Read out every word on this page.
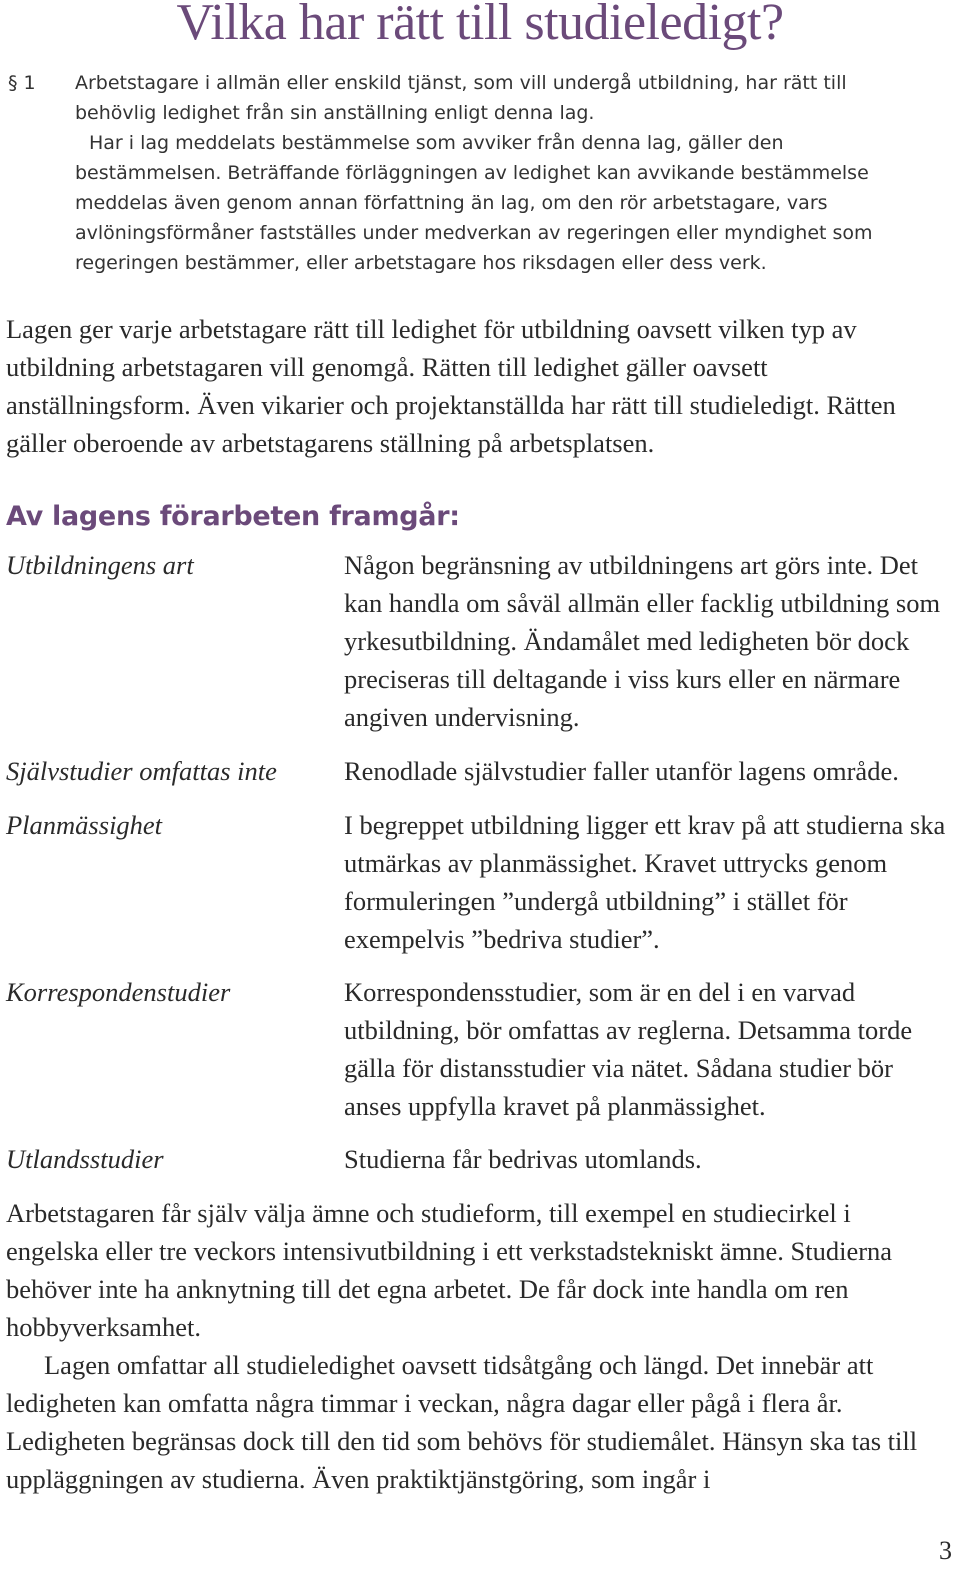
Vilka har rätt till studieledigt?
§ 1	Arbetstagare i allmän eller enskild tjänst, som vill undergå utbildning, har rätt till behövlig ledighet från sin anställning enligt denna lag.
Har i lag meddelats bestämmelse som avviker från denna lag, gäller den bestämmelsen. Beträffande förläggningen av ledighet kan avvikande bestämmelse meddelas även genom annan författning än lag, om den rör arbetstagare, vars avlöningsförmåner fastställes under medverkan av regeringen eller myndighet som regeringen bestämmer, eller arbetstagare hos riksdagen eller dess verk.
Lagen ger varje arbetstagare rätt till ledighet för utbildning oavsett vilken typ av utbildning arbetstagaren vill genomgå. Rätten till ledighet gäller oavsett anställningsform. Även vikarier och projektanställda har rätt till studieledigt. Rätten gäller oberoende av arbetstagarens ställning på arbetsplatsen.
Av lagens förarbeten framgår:
Utbildningens art	Någon begränsning av utbildningens art görs inte. Det kan handla om såväl allmän eller facklig utbildning som yrkesutbildning. Ändamålet med ledigheten bör dock preciseras till deltagande i viss kurs eller en närmare angiven undervisning.
Självstudier omfattas inte	Renodlade självstudier faller utanför lagens område.
Planmässighet	I begreppet utbildning ligger ett krav på att studierna ska utmärkas av planmässighet. Kravet uttrycks genom formuleringen ”undergå utbildning” i stället för exempelvis ”bedriva studier”.
Korrespondenstudier	Korrespondensstudier, som är en del i en varvad utbildning, bör omfattas av reglerna. Detsamma torde gälla för distansstudier via nätet. Sådana studier bör anses uppfylla kravet på planmässighet.
Utlandsstudier	Studierna får bedrivas utomlands.

Arbetstagaren får själv välja ämne och studieform, till exempel en studiecirkel i engelska eller tre veckors intensivutbildning i ett verkstadstekniskt ämne. Studierna behöver inte ha anknytning till det egna arbetet. De får dock inte handla om ren hobbyverksamhet.

Lagen omfattar all studieledighet oavsett tidsåtgång och längd. Det innebär att ledigheten kan omfatta några timmar i veckan, några dagar eller pågå i flera år. Ledigheten begränsas dock till den tid som behövs för studiemålet. Hänsyn ska tas till uppläggningen av studierna. Även praktiktjänstgöring, som ingår i

3
